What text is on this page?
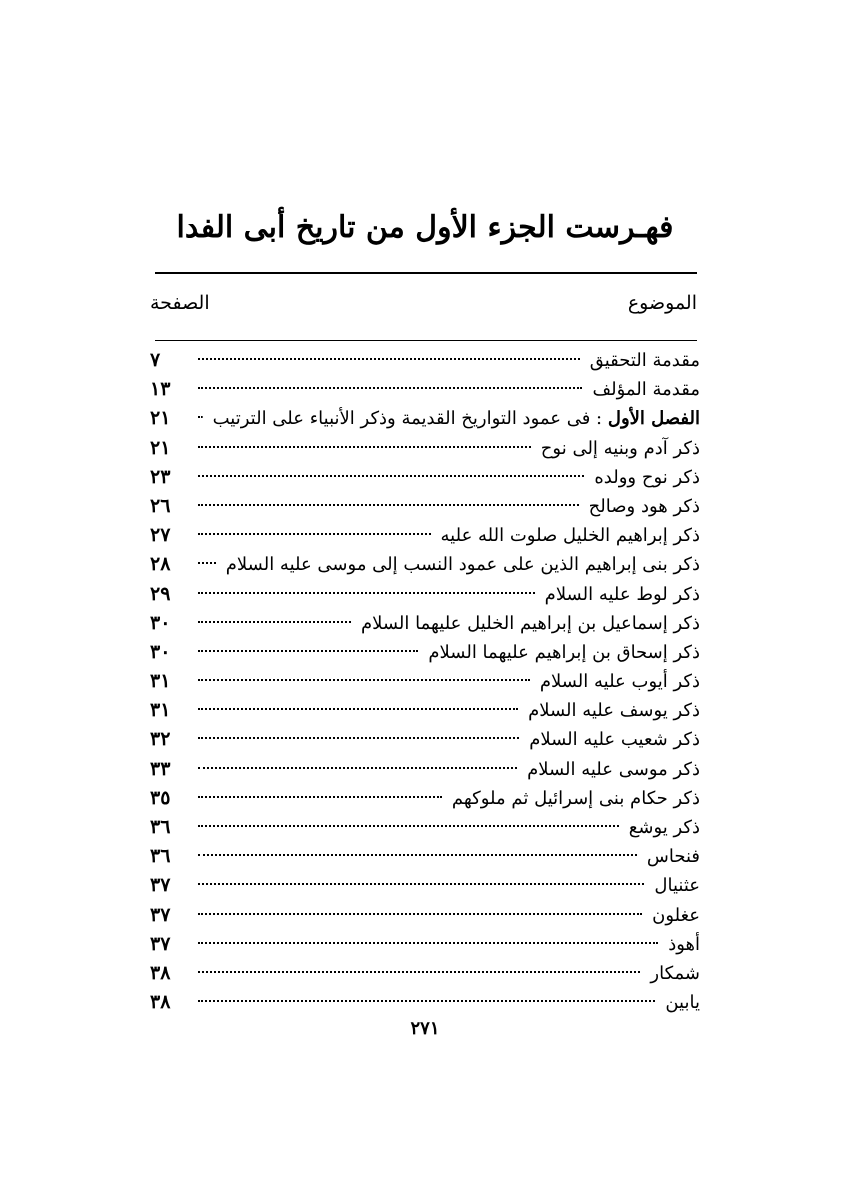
فهـرست الجزء الأول من تاريخ أبى الفدا
الموضوع
الصفحة
مقدمة التحقيق
٧
مقدمة المؤلف
١٣
الفصل الأول : فى عمود التواريخ القديمة وذكر الأنبياء على الترتيب
٢١
ذكر آدم وبنيه إلى نوح
٢١
ذكر نوح وولده
٢٣
ذكر هود وصالح
٢٦
ذكر إبراهيم الخليل صلوت الله عليه
٢٧
ذكر بنى إبراهيم الذين على عمود النسب إلى موسى عليه السلام
٢٨
ذكر لوط عليه السلام
٢٩
ذكر إسماعيل بن إبراهيم الخليل عليهما السلام
٣٠
ذكر إسحاق بن إبراهيم عليهما السلام
٣٠
ذكر أيوب عليه السلام
٣١
ذكر يوسف عليه السلام
٣١
ذكر شعيب عليه السلام
٣٢
ذكر موسى عليه السلام
٣٣
ذكر حكام بنى إسرائيل ثم ملوكهم
٣٥
ذكر يوشع
٣٦
فنحاس
٣٦
عثنيال
٣٧
عغلون
٣٧
أهوذ
٣٧
شمكار
٣٨
يابين
٣٨
٢٧١
